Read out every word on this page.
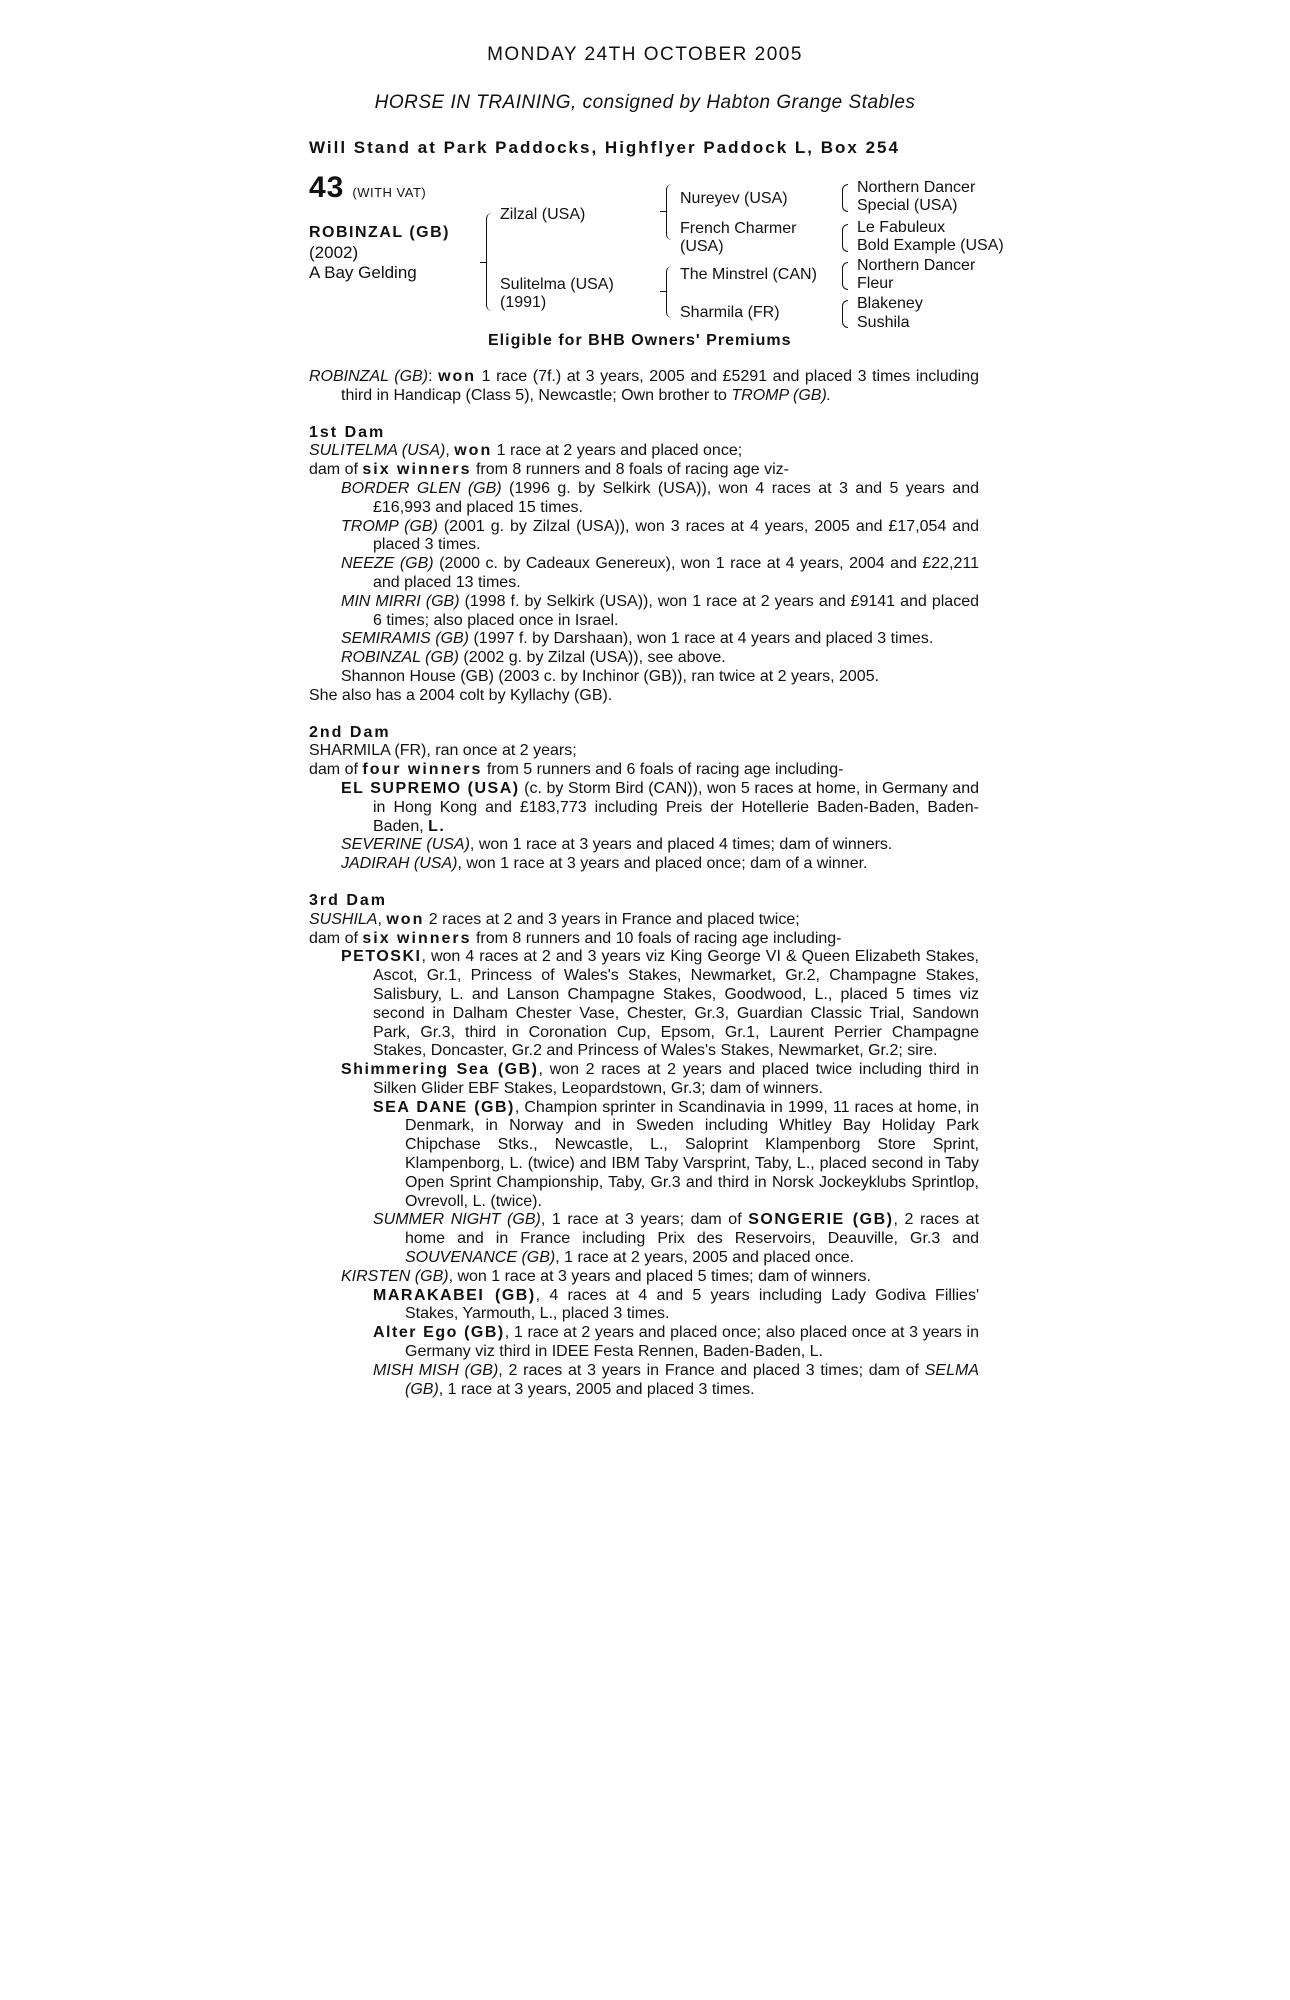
MONDAY 24TH OCTOBER 2005
HORSE IN TRAINING, consigned by Habton Grange Stables
Will Stand at Park Paddocks, Highflyer Paddock L, Box 254
43 (WITH VAT)
ROBINZAL (GB)
(2002)
A Bay Gelding
Zilzal (USA)
Sulitelma (USA)
(1991)
Nureyev (USA)
French Charmer
(USA)
The Minstrel (CAN)
Sharmila (FR)
Northern Dancer
Special (USA)
Le Fabuleux
Bold Example (USA)
Northern Dancer
Fleur
Blakeney
Sushila
Eligible for BHB Owners' Premiums

ROBINZAL (GB): won 1 race (7f.) at 3 years, 2005 and £5291 and placed 3 times including third in Handicap (Class 5), Newcastle; Own brother to TROMP (GB).

1st Dam

SULITELMA (USA), won 1 race at 2 years and placed once;

dam of six winners from 8 runners and 8 foals of racing age viz-

BORDER GLEN (GB) (1996 g. by Selkirk (USA)), won 4 races at 3 and 5 years and £16,993 and placed 15 times.

TROMP (GB) (2001 g. by Zilzal (USA)), won 3 races at 4 years, 2005 and £17,054 and placed 3 times.

NEEZE (GB) (2000 c. by Cadeaux Genereux), won 1 race at 4 years, 2004 and £22,211 and placed 13 times.

MIN MIRRI (GB) (1998 f. by Selkirk (USA)), won 1 race at 2 years and £9141 and placed 6 times; also placed once in Israel.

SEMIRAMIS (GB) (1997 f. by Darshaan), won 1 race at 4 years and placed 3 times.

ROBINZAL (GB) (2002 g. by Zilzal (USA)), see above.

Shannon House (GB) (2003 c. by Inchinor (GB)), ran twice at 2 years, 2005.

She also has a 2004 colt by Kyllachy (GB).

2nd Dam

SHARMILA (FR), ran once at 2 years;

dam of four winners from 5 runners and 6 foals of racing age including-

EL SUPREMO (USA) (c. by Storm Bird (CAN)), won 5 races at home, in Germany and in Hong Kong and £183,773 including Preis der Hotellerie Baden-Baden, Baden-Baden, L.

SEVERINE (USA), won 1 race at 3 years and placed 4 times; dam of winners.

JADIRAH (USA), won 1 race at 3 years and placed once; dam of a winner.

3rd Dam

SUSHILA, won 2 races at 2 and 3 years in France and placed twice;

dam of six winners from 8 runners and 10 foals of racing age including-

PETOSKI, won 4 races at 2 and 3 years viz King George VI & Queen Elizabeth Stakes, Ascot, Gr.1, Princess of Wales's Stakes, Newmarket, Gr.2, Champagne Stakes, Salisbury, L. and Lanson Champagne Stakes, Goodwood, L., placed 5 times viz second in Dalham Chester Vase, Chester, Gr.3, Guardian Classic Trial, Sandown Park, Gr.3, third in Coronation Cup, Epsom, Gr.1, Laurent Perrier Champagne Stakes, Doncaster, Gr.2 and Princess of Wales's Stakes, Newmarket, Gr.2; sire.

Shimmering Sea (GB), won 2 races at 2 years and placed twice including third in Silken Glider EBF Stakes, Leopardstown, Gr.3; dam of winners.

SEA DANE (GB), Champion sprinter in Scandinavia in 1999, 11 races at home, in Denmark, in Norway and in Sweden including Whitley Bay Holiday Park Chipchase Stks., Newcastle, L., Saloprint Klampenborg Store Sprint, Klampenborg, L. (twice) and IBM Taby Varsprint, Taby, L., placed second in Taby Open Sprint Championship, Taby, Gr.3 and third in Norsk Jockeyklubs Sprintlop, Ovrevoll, L. (twice).

SUMMER NIGHT (GB), 1 race at 3 years; dam of SONGERIE (GB), 2 races at home and in France including Prix des Reservoirs, Deauville, Gr.3 and SOUVENANCE (GB), 1 race at 2 years, 2005 and placed once.

KIRSTEN (GB), won 1 race at 3 years and placed 5 times; dam of winners.

MARAKABEI (GB), 4 races at 4 and 5 years including Lady Godiva Fillies' Stakes, Yarmouth, L., placed 3 times.

Alter Ego (GB), 1 race at 2 years and placed once; also placed once at 3 years in Germany viz third in IDEE Festa Rennen, Baden-Baden, L.

MISH MISH (GB), 2 races at 3 years in France and placed 3 times; dam of SELMA (GB), 1 race at 3 years, 2005 and placed 3 times.
